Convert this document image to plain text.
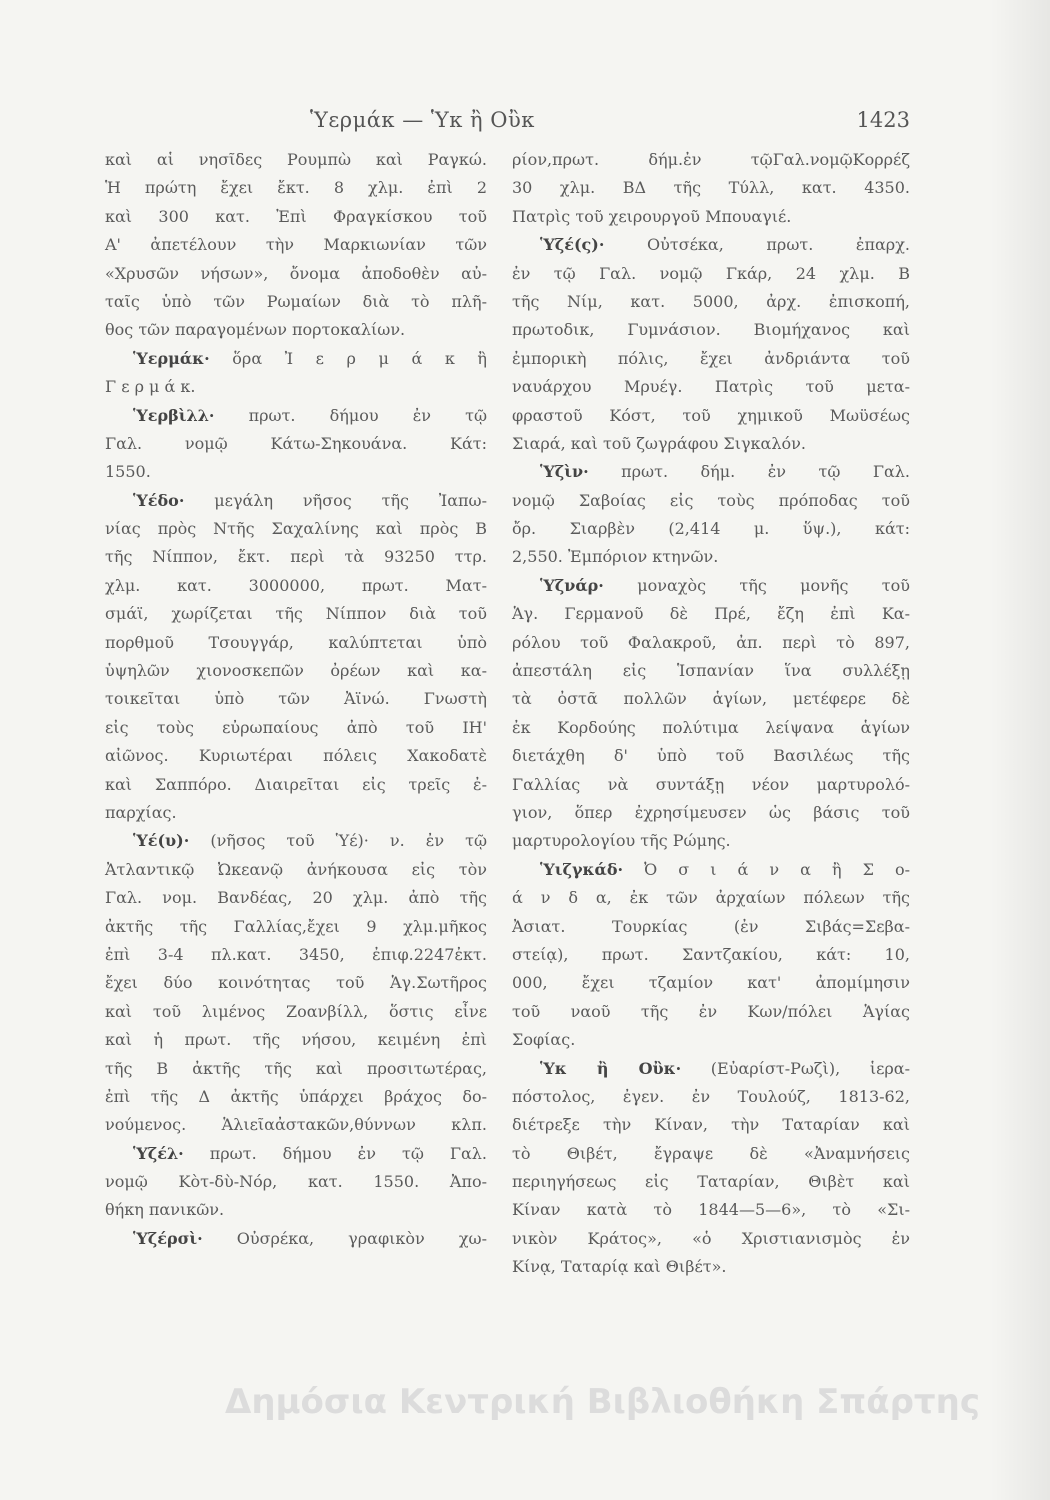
Ὑερμάκ — Ὑκ ἢ Οὒκ	1423
καὶ αἱ νησῖδες Ρουμπὼ καὶ Ραγκώ.
Ἡ πρώτη ἔχει ἔκτ. 8 χλμ. ἐπὶ 2
καὶ 300 κατ. Ἐπὶ Φραγκίσκου τοῦ
Α' ἀπετέλουν τὴν Μαρκιωνίαν τῶν
«Χρυσῶν νήσων», ὄνομα ἀποδοθὲν αὐ-
ταῖς ὑπὸ τῶν Ρωμαίων διὰ τὸ πλῆ-
θος τῶν παραγομένων πορτοκαλίων.
Ὑερμάκ· ὅρα Ἰ ε ρ μ ά κ ἢ
Γ ε ρ μ ά κ.
Ὑερβὶλλ· πρωτ. δήμου ἐν τῷ
Γαλ. νομῷ Κάτω-Σηκουάνα. Κάτ:
1550.
Ὑέδο· μεγάλη νῆσος τῆς Ἰαπω-
νίας πρὸς Ντῆς Σαχαλίνης καὶ πρὸς Β
τῆς Νίππον, ἔκτ. περὶ τὰ 93250 ττρ.
χλμ. κατ. 3000000, πρωτ. Ματ-
σμάϊ, χωρίζεται τῆς Νίππον διὰ τοῦ
πορθμοῦ Τσουγγάρ, καλύπτεται ὑπὸ
ὑψηλῶν χιονοσκεπῶν ὀρέων καὶ κα-
τοικεῖται ὑπὸ τῶν Ἀϊνώ. Γνωστὴ
εἰς τοὺς εὐρωπαίους ἀπὸ τοῦ ΙΗ'
αἰῶνος. Κυριωτέραι πόλεις Χακοδατὲ
καὶ Σαππόρο. Διαιρεῖται εἰς τρεῖς ἐ-
παρχίας.
Ὑέ(υ)· (νῆσος τοῦ Ὑέ)· ν. ἐν τῷ
Ἀτλαντικῷ Ὠκεανῷ ἀνήκουσα εἰς τὸν
Γαλ. νομ. Βανδέας, 20 χλμ. ἀπὸ τῆς
ἀκτῆς τῆς Γαλλίας,ἔχει 9 χλμ.μῆκος
ἐπὶ 3-4 πλ.κατ. 3450, ἐπιφ.2247ἐκτ.
ἔχει δύο κοινότητας τοῦ Ἁγ.Σωτῆρος
καὶ τοῦ λιμένος Ζοανβίλλ, ὅστις εἶνε
καὶ ἡ πρωτ. τῆς νήσου, κειμένη ἐπὶ
τῆς Β ἀκτῆς τῆς καὶ προσιτωτέρας,
ἐπὶ τῆς Δ ἀκτῆς ὑπάρχει βράχος δο-
νούμενος. Ἁλιεῖαἀστακῶν,θύννων κλπ.
Ὑζέλ· πρωτ. δήμου ἐν τῷ Γαλ.
νομῷ Κὸτ-δὺ-Νόρ, κατ. 1550. Ἀπο-
θήκη πανικῶν.
Ὑζέρσὶ· Οὐσρέκα, γραφικὸν χω-
ρίον,πρωτ. δήμ.ἐν τῷΓαλ.νομῷΚορρέζ
30 χλμ. ΒΔ τῆς Τύλλ, κατ. 4350.
Πατρὶς τοῦ χειρουργοῦ Μπουαγιέ.
Ὑζέ(ς)· Οὐτσέκα, πρωτ. ἐπαρχ.
ἐν τῷ Γαλ. νομῷ Γκάρ, 24 χλμ. Β
τῆς Νίμ, κατ. 5000, ἀρχ. ἐπισκοπή,
πρωτοδικ, Γυμνάσιον. Βιομήχανος καὶ
ἐμπορικὴ πόλις, ἔχει ἀνδριάντα τοῦ
ναυάρχου Μρυέγ. Πατρὶς τοῦ μετα-
φραστοῦ Κόστ, τοῦ χημικοῦ Μωϋσέως
Σιαρά, καὶ τοῦ ζωγράφου Σιγκαλόν.
Ὑζὶν· πρωτ. δήμ. ἐν τῷ Γαλ.
νομῷ Σαβοίας εἰς τοὺς πρόποδας τοῦ
ὄρ. Σιαρβὲν (2,414 μ. ὕψ.), κάτ:
2,550. Ἐμπόριον κτηνῶν.
Ὑζνάρ· μοναχὸς τῆς μονῆς τοῦ
Ἁγ. Γερμανοῦ δὲ Πρέ, ἔζη ἐπὶ Κα-
ρόλου τοῦ Φαλακροῦ, ἀπ. περὶ τὸ 897,
ἀπεστάλη εἰς Ἱσπανίαν ἵνα συλλέξῃ
τὰ ὀστᾶ πολλῶν ἁγίων, μετέφερε δὲ
ἐκ Κορδούης πολύτιμα λείψανα ἁγίων
διετάχθη δ' ὑπὸ τοῦ Βασιλέως τῆς
Γαλλίας νὰ συντάξῃ νέον μαρτυρολό-
γιον, ὅπερ ἐχρησίμευσεν ὡς βάσις τοῦ
μαρτυρολογίου τῆς Ρώμης.
Ὑιζγκάδ· Ὀ σ ι ά ν α ἢ Σ ο-
ά ν δ α, ἐκ τῶν ἀρχαίων πόλεων τῆς
Ἀσιατ. Τουρκίας (ἐν Σιβάς=Σεβα-
στείᾳ), πρωτ. Σαντζακίου, κάτ: 10,
000, ἔχει τζαμίον κατ' ἀπομίμησιν
τοῦ ναοῦ τῆς ἐν Κων/πόλει Ἁγίας
Σοφίας.
Ὑκ ἢ Οὒκ· (Εὐαρίστ-Ρωζὶ), ἱερα-
πόστολος, ἐγεν. ἐν Τουλούζ, 1813-62,
διέτρεξε τὴν Κίναν, τὴν Ταταρίαν καὶ
τὸ Θιβέτ, ἔγραψε δὲ «Ἀναμνήσεις
περιηγήσεως εἰς Ταταρίαν, Θιβὲτ καὶ
Κίναν κατὰ τὸ 1844—5—6», τὸ «Σι-
νικὸν Κράτος», «ὁ Χριστιανισμὸς ἐν
Κίνᾳ, Ταταρίᾳ καὶ Θιβέτ».
Δημόσια Κεντρική Βιβλιοθήκη Σπάρτης
